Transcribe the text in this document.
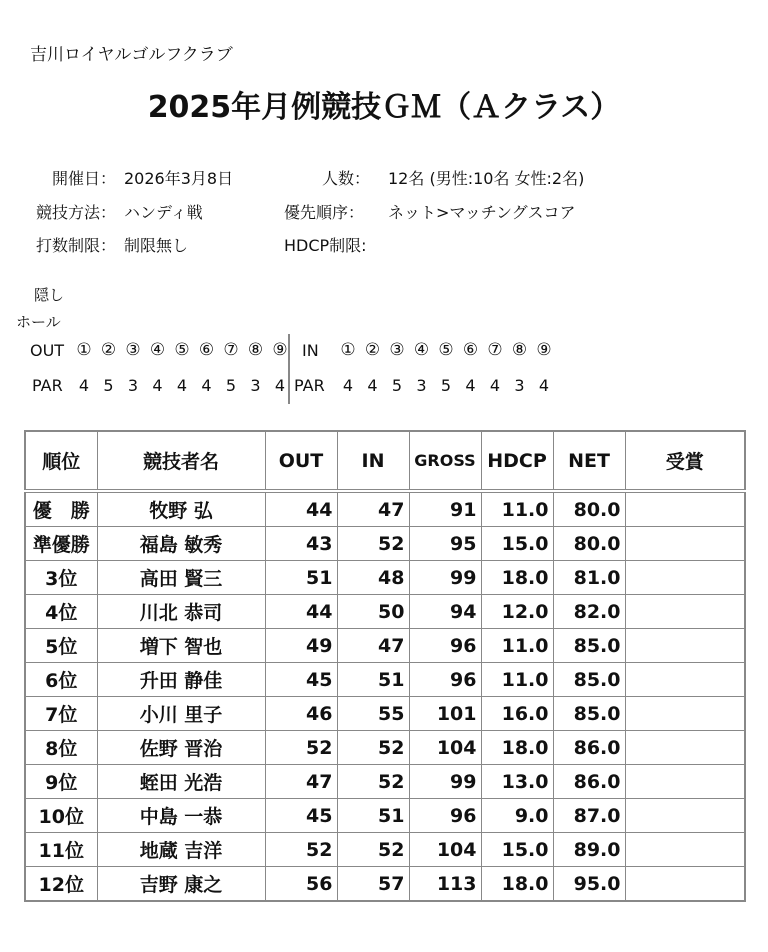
吉川ロイヤルゴルフクラブ
2025年月例競技ＧＭ（Ａクラス）
開催日： 2026年3月8日	人数： 12名 (男性:10名 女性:2名)
競技方法： ハンディ戦	優先順序： ネット>マッチングスコア
打数制限： 制限無し	HDCP制限:
隠し
ホール
OUT ① ② ③ ④ ⑤ ⑥ ⑦ ⑧ ⑨ IN ① ② ③ ④ ⑤ ⑥ ⑦ ⑧ ⑨
PAR	4 5 3 4 4 4 5 3 4 PAR	4 4 5 3 5 4 4 3 4
順位	競技者名	OUT	IN	GROSS	HDCP	NET	受賞
優　勝	牧野 弘	44	47	91	11.0	80.0	
準優勝	福島 敏秀	43	52	95	15.0	80.0	
3位	高田 賢三	51	48	99	18.0	81.0	
4位	川北 恭司	44	50	94	12.0	82.0	
5位	増下 智也	49	47	96	11.0	85.0	
6位	升田 静佳	45	51	96	11.0	85.0	
7位	小川 里子	46	55	101	16.0	85.0	
8位	佐野 晋治	52	52	104	18.0	86.0	
9位	蛭田 光浩	47	52	99	13.0	86.0	
10位	中島 一恭	45	51	96	9.0	87.0	
11位	地蔵 吉洋	52	52	104	15.0	89.0	
12位	吉野 康之	56	57	113	18.0	95.0	
